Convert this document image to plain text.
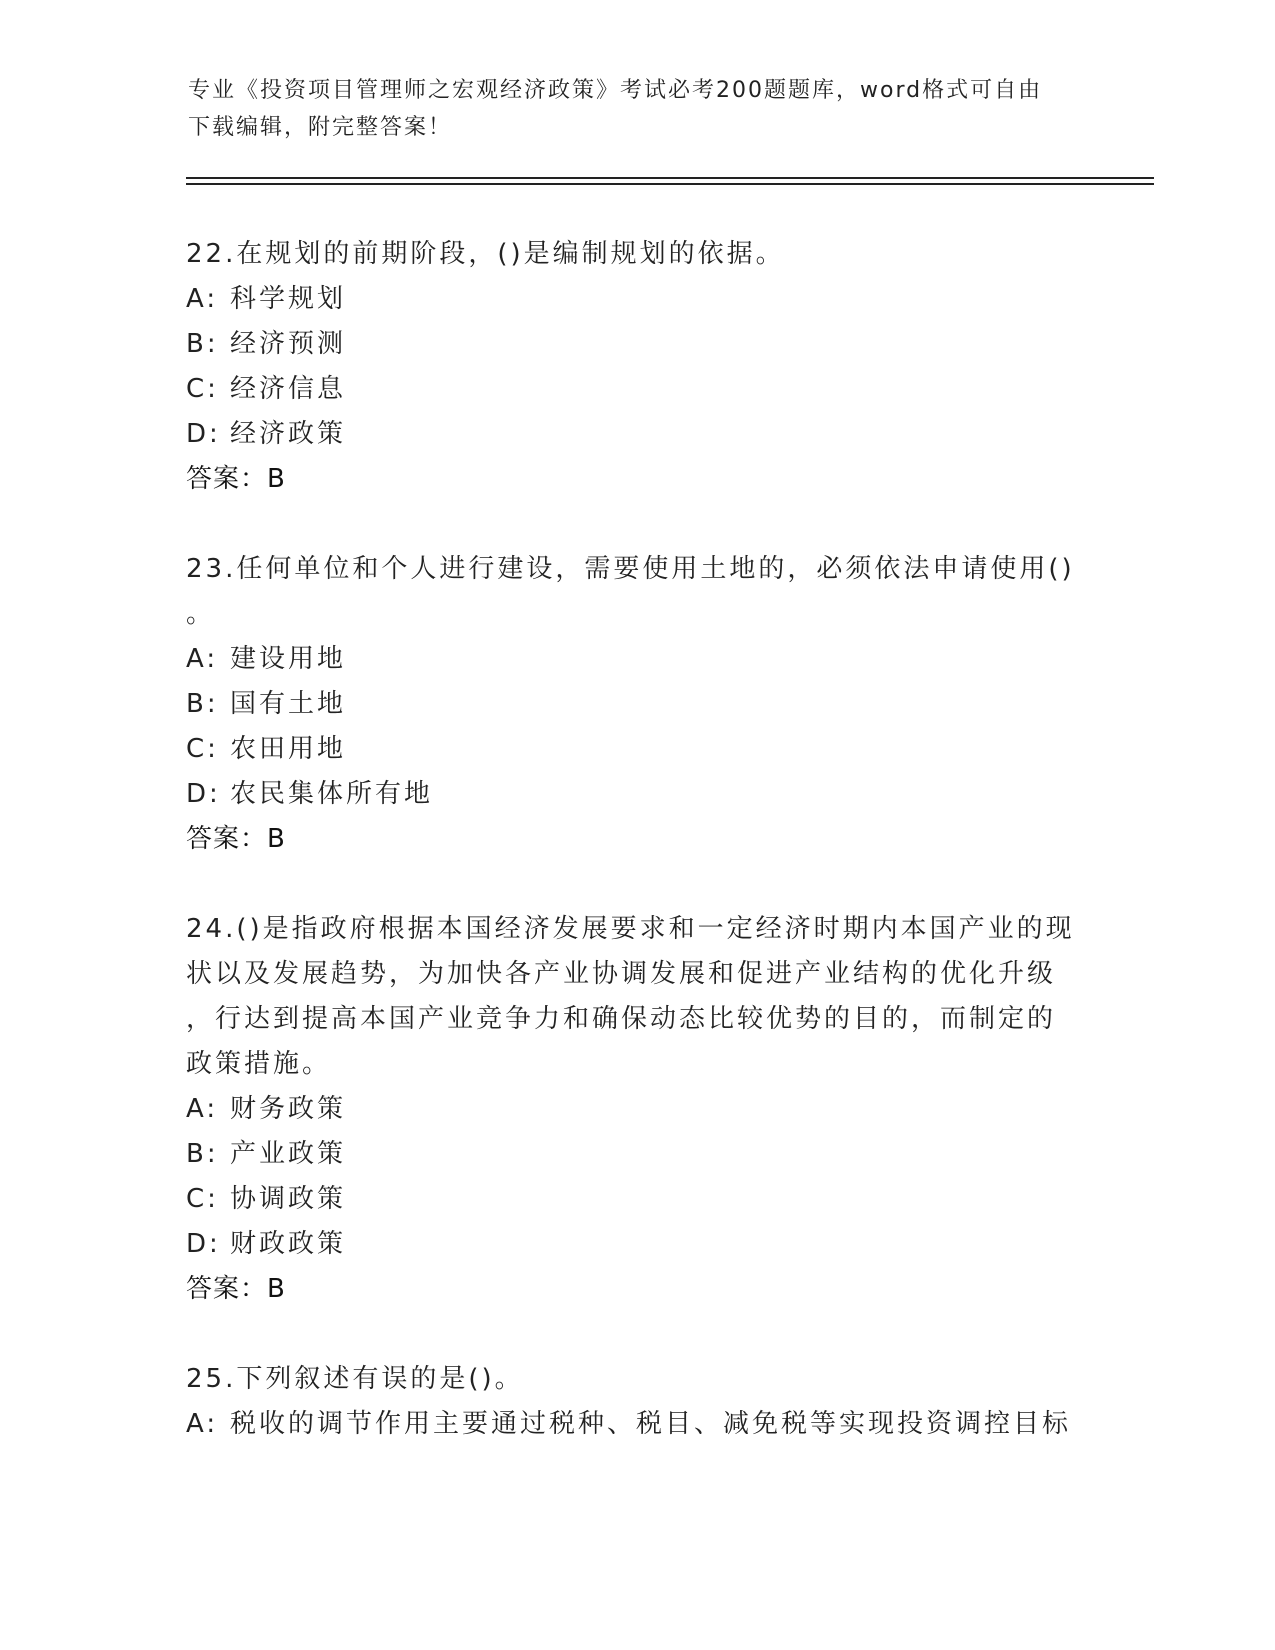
专业《投资项目管理师之宏观经济政策》考试必考200题题库，word格式可自由
下载编辑，附完整答案！

22.在规划的前期阶段，()是编制规划的依据。

A: 科学规划

B: 经济预测

C: 经济信息

D: 经济政策

答案：B

23.任何单位和个人进行建设，需要使用土地的，必须依法申请使用()

。

A: 建设用地

B: 国有土地

C: 农田用地

D: 农民集体所有地

答案：B

24.()是指政府根据本国经济发展要求和一定经济时期内本国产业的现

状以及发展趋势，为加快各产业协调发展和促进产业结构的优化升级

，行达到提高本国产业竞争力和确保动态比较优势的目的，而制定的

政策措施。

A: 财务政策

B: 产业政策

C: 协调政策

D: 财政政策

答案：B

25.下列叙述有误的是()。

A: 税收的调节作用主要通过税种、税目、减免税等实现投资调控目标
